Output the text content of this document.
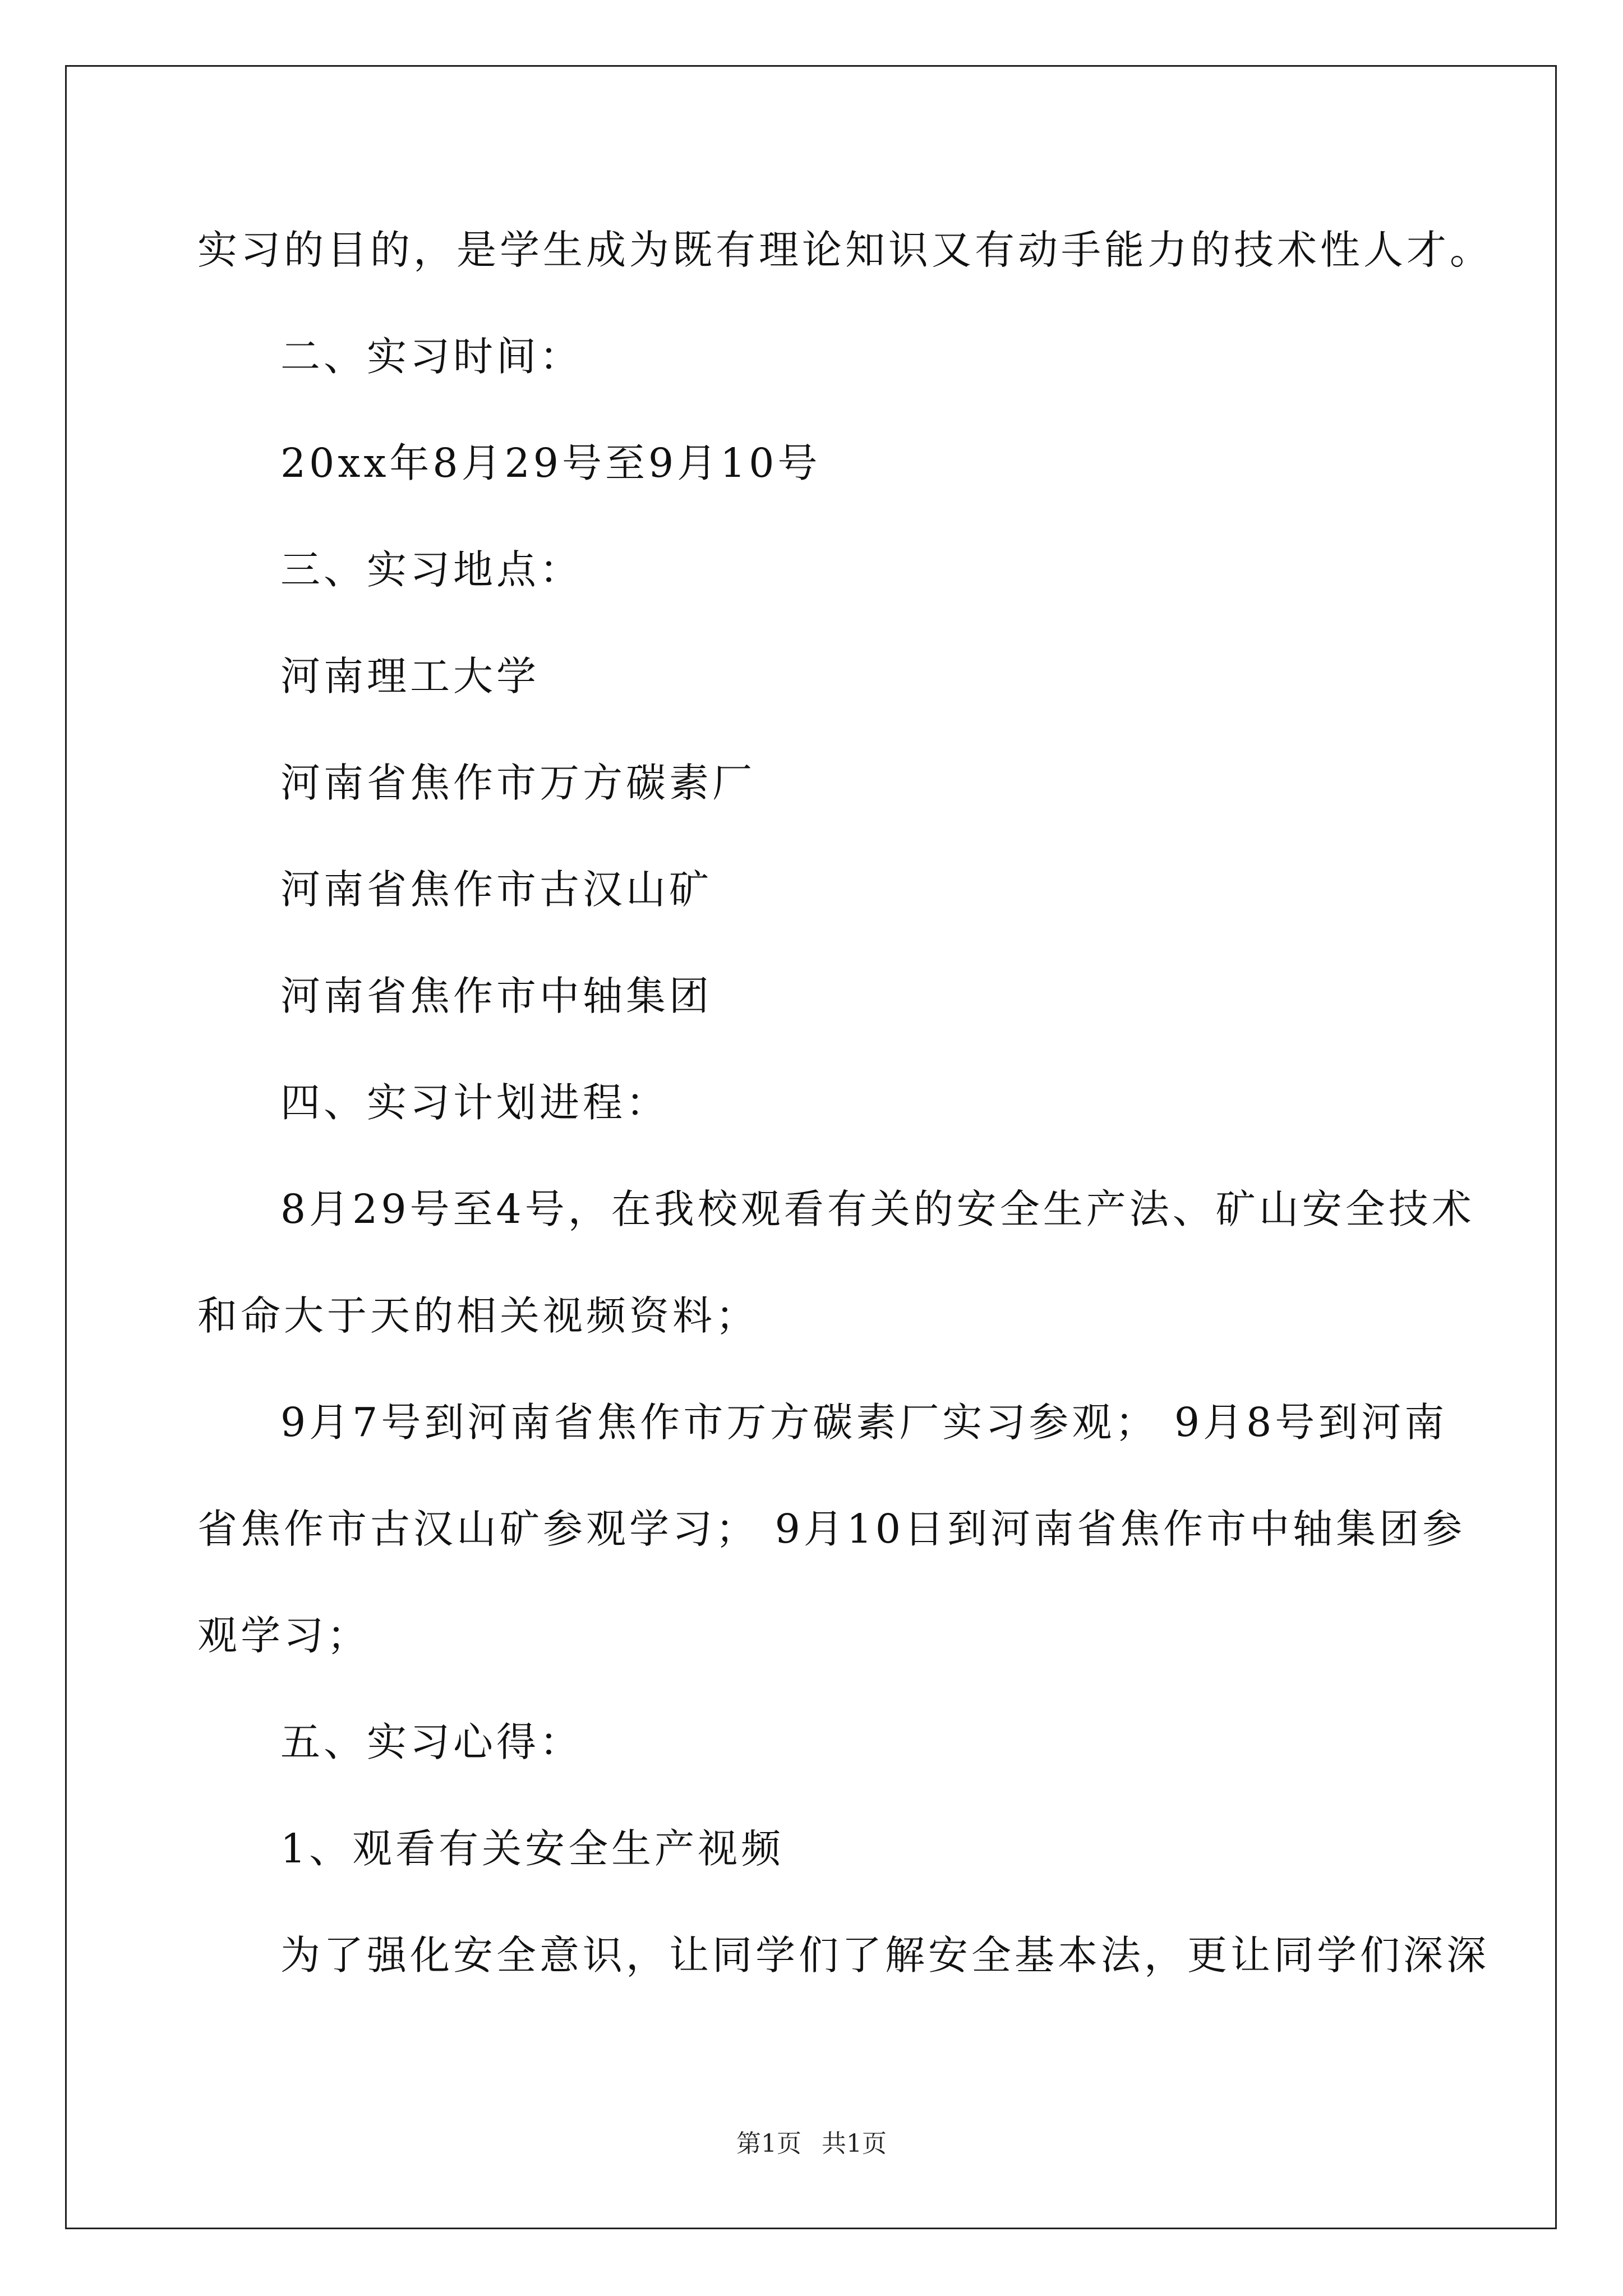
实习的目的，是学生成为既有理论知识又有动手能力的技术性人才。

二、实习时间：

20xx年8月29号至9月10号

三、实习地点：

河南理工大学

河南省焦作市万方碳素厂

河南省焦作市古汉山矿

河南省焦作市中轴集团

四、实习计划进程：

8月29号至4号，在我校观看有关的安全生产法、矿山安全技术

和命大于天的相关视频资料；

9月7号到河南省焦作市万方碳素厂实习参观； 9月8号到河南

省焦作市古汉山矿参观学习； 9月10日到河南省焦作市中轴集团参

观学习；

五、实习心得：

1、观看有关安全生产视频

为了强化安全意识，让同学们了解安全基本法，更让同学们深深

第1页 共1页
